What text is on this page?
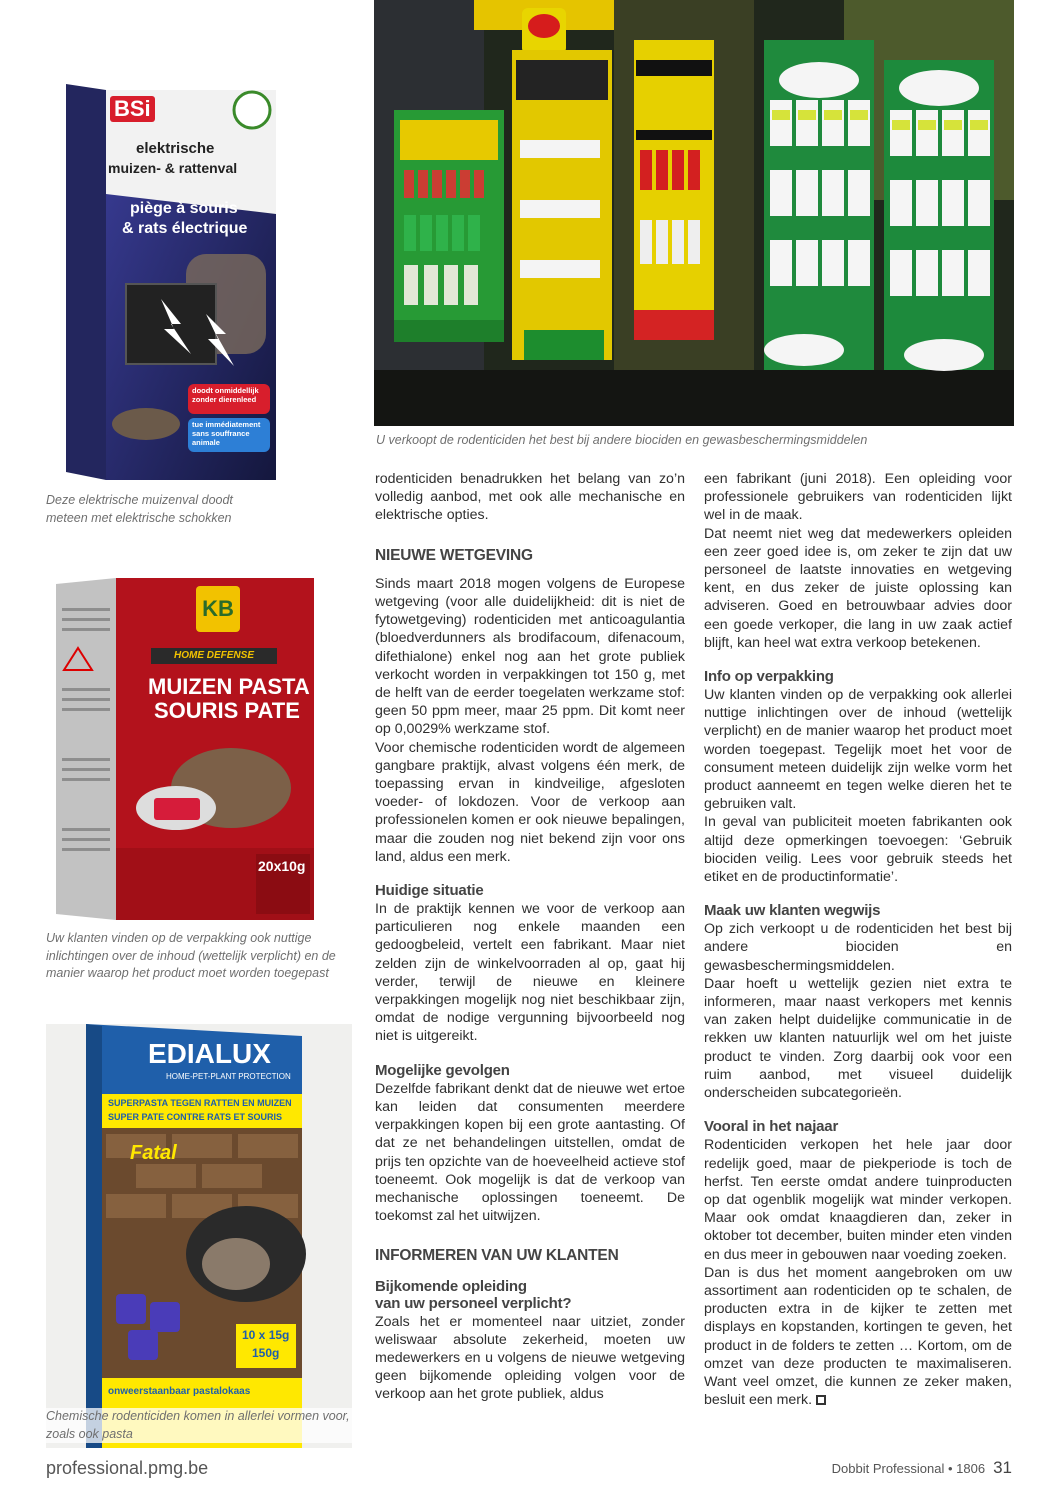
U verkoopt de rodenticiden het best bij andere biociden en gewasbeschermingsmiddelen
BSi
elektrische
muizen- & rattenval
piège à souris
& rats électrique
doodt onmiddellijk zonder dierenleed
tue immédiatement sans souffrance animale
Deze elektrische muizenval doodt meteen met elektrische schokken
KB
HOME DEFENSE
MUIZEN PASTA
SOURIS PATE
20x10g
Uw klanten vinden op de verpakking ook nuttige inlichtingen over de inhoud (wettelijk verplicht) en de manier waarop het product moet worden toegepast
EDIALUX
HOME-PET-PLANT PROTECTION
SUPERPASTA TEGEN RATTEN EN MUIZEN
SUPER PATE CONTRE RATS ET SOURIS
Fatal
10 x 15g
150g
onweerstaanbaar pastalokaas
Chemische rodenticiden komen in allerlei vormen voor, zoals ook pasta

rodenticiden benadrukken het belang van zo’n volledig aanbod, met ook alle mechanische en elektrische opties.

NIEUWE WETGEVING

Sinds maart 2018 mogen volgens de Europese wetgeving (voor alle duidelijkheid: dit is niet de fytowetgeving) rodenticiden met anticoagulantia (bloedverdunners als brodifacoum, difenacoum, difethialone) enkel nog aan het grote publiek verkocht worden in verpakkingen tot 150 g, met de helft van de eerder toegelaten werkzame stof: geen 50 ppm meer, maar 25 ppm. Dit komt neer op 0,0029% werkzame stof.

Voor chemische rodenticiden wordt de algemeen gangbare praktijk, alvast volgens één merk, de toepassing ervan in kindveilige, afgesloten voeder- of lokdozen. Voor de verkoop aan professionelen komen er ook nieuwe bepalingen, maar die zouden nog niet bekend zijn voor ons land, aldus een merk.

Huidige situatie

In de praktijk kennen we voor de verkoop aan particulieren nog enkele maanden een gedoogbeleid, vertelt een fabrikant. Maar niet zelden zijn de winkelvoorraden al op, gaat hij verder, terwijl de nieuwe en kleinere verpakkingen mogelijk nog niet beschikbaar zijn, omdat de nodige vergunning bijvoorbeeld nog niet is uitgereikt.

Mogelijke gevolgen

Dezelfde fabrikant denkt dat de nieuwe wet ertoe kan leiden dat consumenten meerdere verpakkingen kopen bij een grote aantasting. Of dat ze net behandelingen uitstellen, omdat de prijs ten opzichte van de hoeveelheid actieve stof toeneemt. Ook mogelijk is dat de verkoop van mechanische oplossingen toeneemt. De toekomst zal het uitwijzen.

INFORMEREN VAN UW KLANTEN
Bijkomende opleiding
van uw personeel verplicht?

Zoals het er momenteel naar uitziet, zonder weliswaar absolute zekerheid, moeten uw medewerkers en u volgens de nieuwe wetgeving geen bijkomende opleiding volgen voor de verkoop aan het grote publiek, aldus

een fabrikant (juni 2018). Een opleiding voor professionele gebruikers van rodenticiden lijkt wel in de maak.

Dat neemt niet weg dat medewerkers opleiden een zeer goed idee is, om zeker te zijn dat uw personeel de laatste innovaties en wetgeving kent, en dus zeker de juiste oplossing kan adviseren. Goed en betrouwbaar advies door een goede verkoper, die lang in uw zaak actief blijft, kan heel wat extra verkoop betekenen.

Info op verpakking

Uw klanten vinden op de verpakking ook allerlei nuttige inlichtingen over de inhoud (wettelijk verplicht) en de manier waarop het product moet worden toegepast. Tegelijk moet het voor de consument meteen duidelijk zijn welke vorm het product aanneemt en tegen welke dieren het te gebruiken valt.

In geval van publiciteit moeten fabrikanten ook altijd deze opmerkingen toevoegen: ‘Gebruik biociden veilig. Lees voor gebruik steeds het etiket en de productinformatie’.

Maak uw klanten wegwijs

Op zich verkoopt u de rodenticiden het best bij andere biociden en gewasbeschermingsmiddelen.

Daar hoeft u wettelijk gezien niet extra te informeren, maar naast verkopers met kennis van zaken helpt duidelijke communicatie in de rekken uw klanten natuurlijk wel om het juiste product te vinden. Zorg daarbij ook voor een ruim aanbod, met visueel duidelijk onderscheiden subcategorieën.

Vooral in het najaar

Rodenticiden verkopen het hele jaar door redelijk goed, maar de piekperiode is toch de herfst. Ten eerste omdat andere tuinproducten op dat ogenblik mogelijk wat minder verkopen. Maar ook omdat knaagdieren dan, zeker in oktober tot december, buiten minder eten vinden en dus meer in gebouwen naar voeding zoeken.

Dan is dus het moment aangebroken om uw assortiment aan rodenticiden op te schalen, de producten extra in de kijker te zetten met displays en kopstanden, kortingen te geven, het product in de folders te zetten … Kortom, om de omzet van deze producten te maximaliseren. Want veel omzet, die kunnen ze zeker maken, besluit een merk.

professional.pmg.be	Dobbit Professional • 1806 31
